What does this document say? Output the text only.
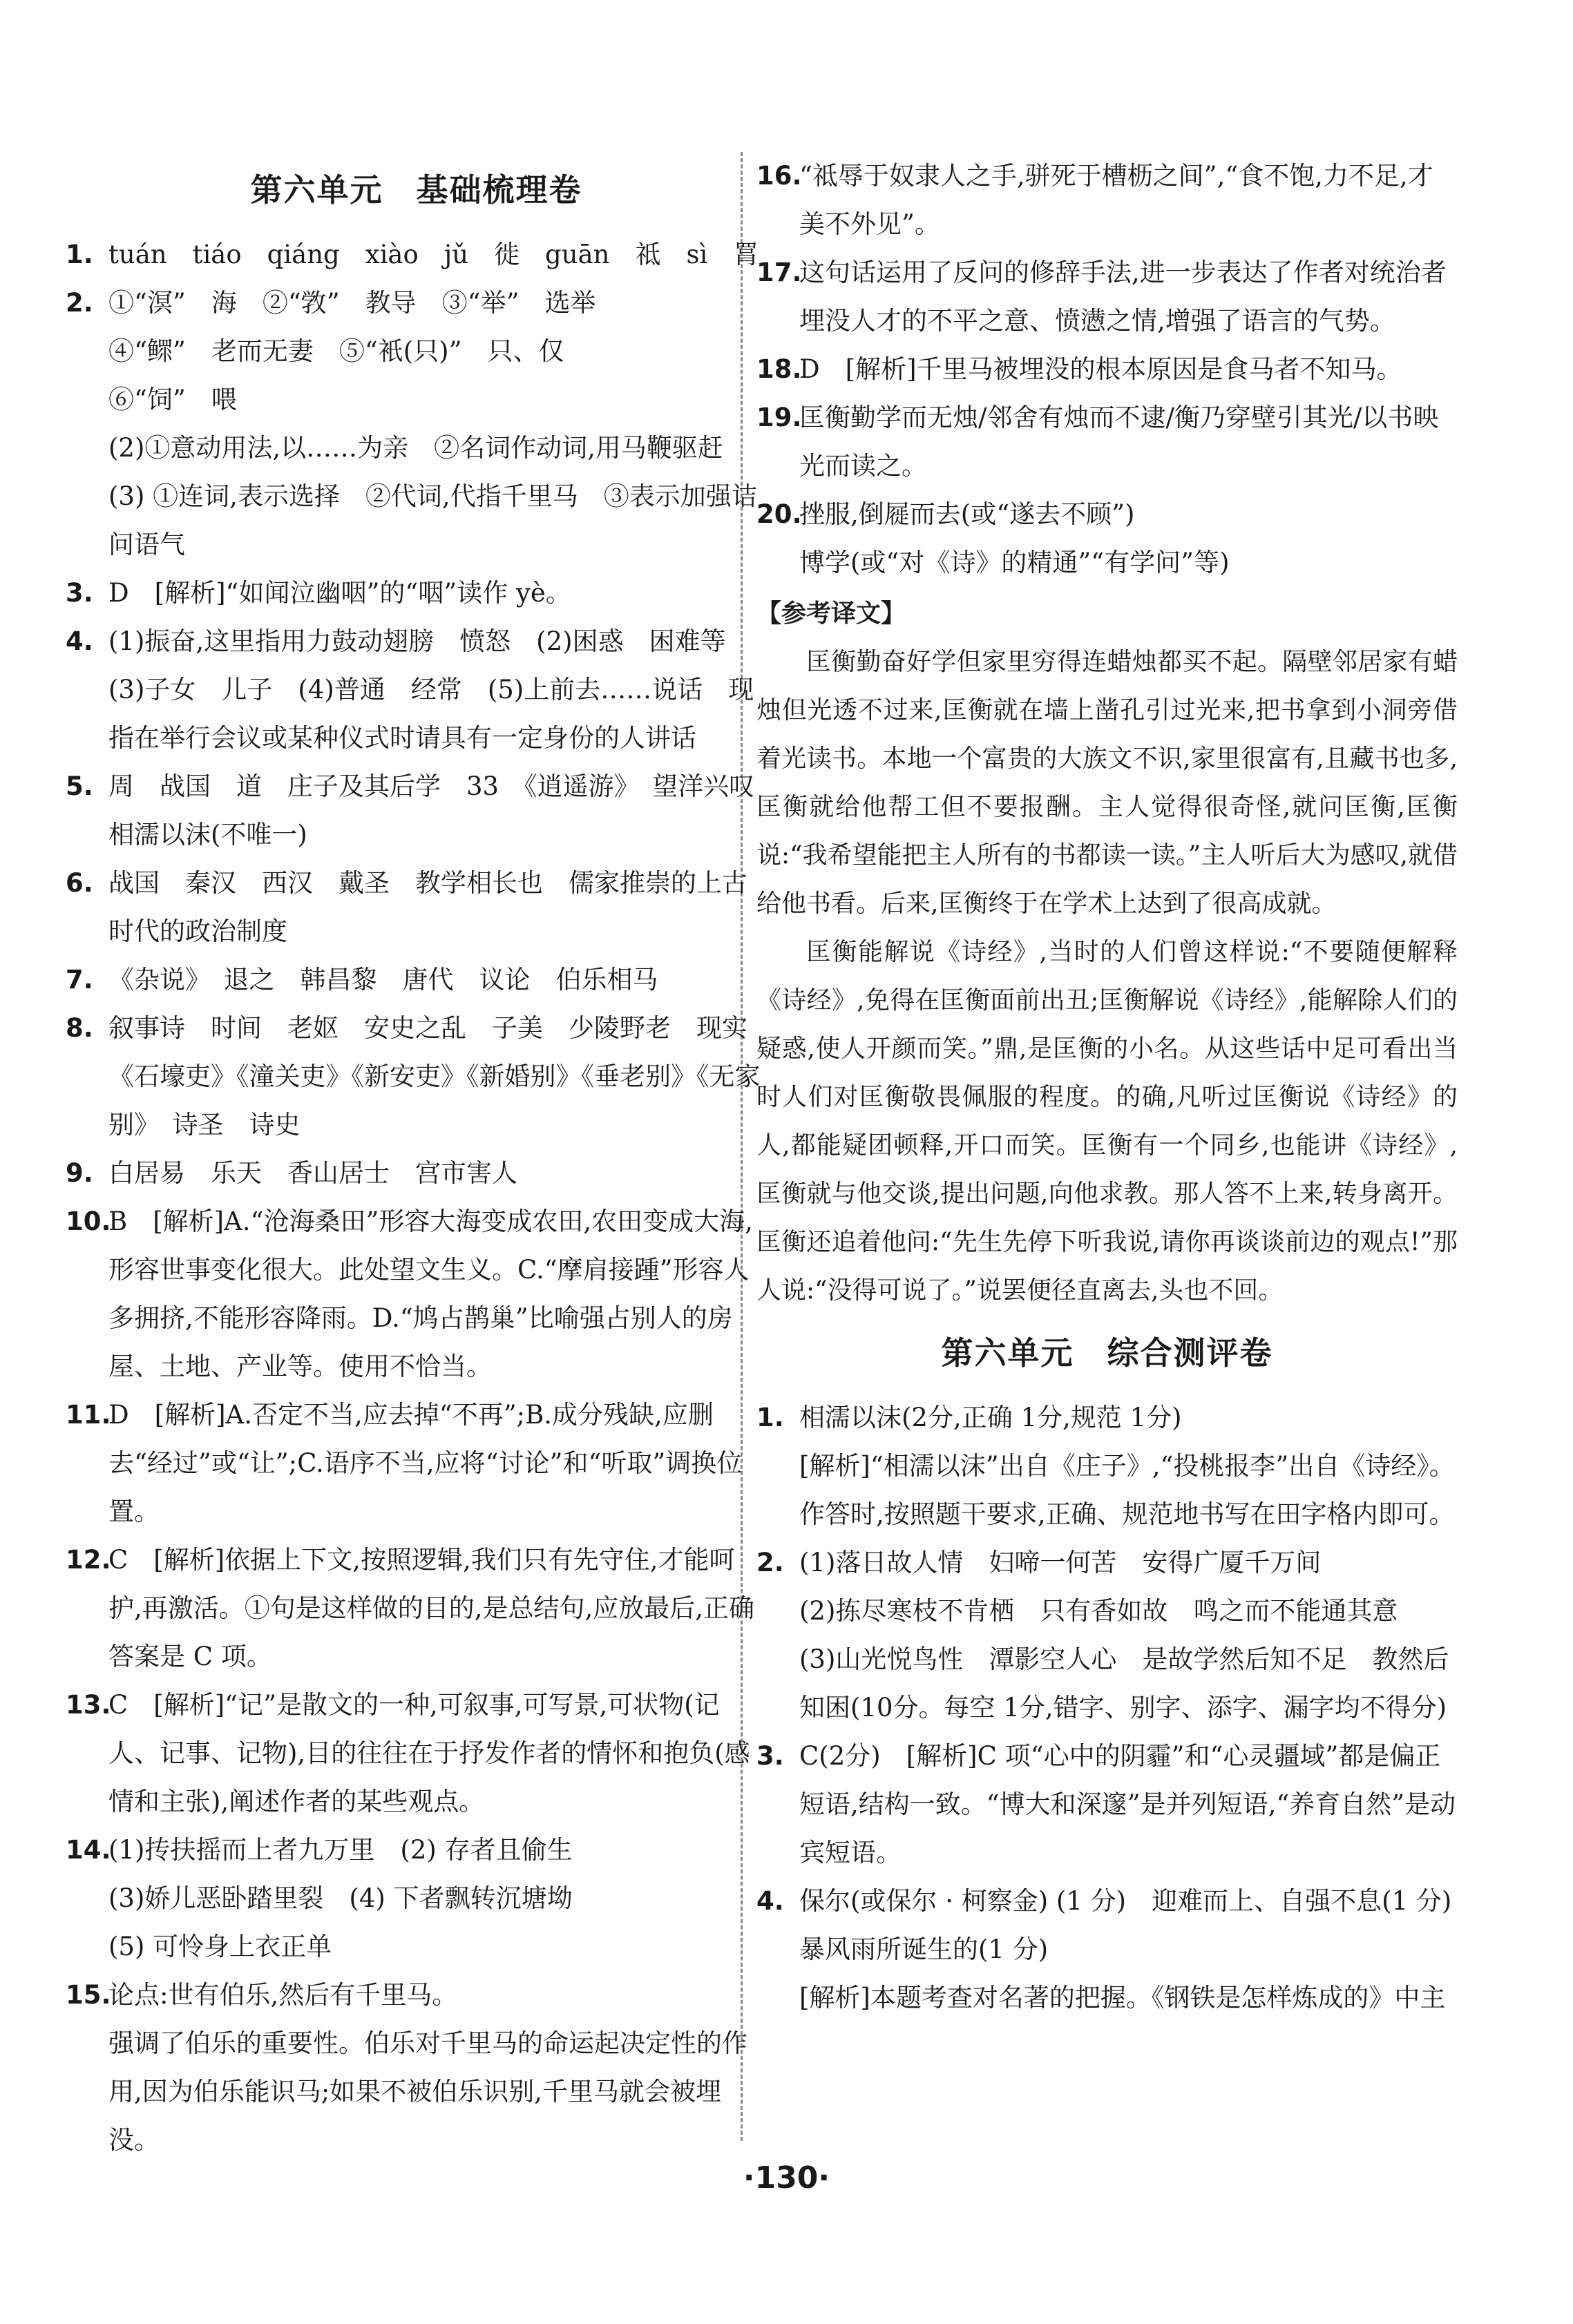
第六单元　基础梳理卷
1. tuán　tiáo　qiáng　xiào　jǔ　徙　guān　祗　sì　罥
2. ①“溟”　海　②“敩”　教导　③“举”　选举
④“鳏”　老而无妻　⑤“衹(只)”　只、仅
⑥“饲”　喂
(2)①意动用法,以……为亲　②名词作动词,用马鞭驱赶
(3) ①连词,表示选择　②代词,代指千里马　③表示加强诘问语气
3. D　[解析]“如闻泣幽咽”的“咽”读作 yè。
4. (1)振奋,这里指用力鼓动翅膀　愤怒　(2)困惑　困难等
(3)子女　儿子　(4)普通　经常　(5)上前去……说话　现指在举行会议或某种仪式时请具有一定身份的人讲话
5. 周　战国　道　庄子及其后学　33　《逍遥游》　望洋兴叹　相濡以沫(不唯一)
6. 战国　秦汉　西汉　戴圣　教学相长也　儒家推崇的上古时代的政治制度
7. 《杂说》　退之　韩昌黎　唐代　议论　伯乐相马
8. 叙事诗　时间　老妪　安史之乱　子美　少陵野老　现实　《石壕吏》《潼关吏》《新安吏》《新婚别》《垂老别》《无家别》　诗圣　诗史
9. 白居易　乐天　香山居士　宫市害人
10.
B　[解析]A.“沧海桑田”形容大海变成农田,农田变成大海,形容世事变化很大。此处望文生义。C.“摩肩接踵”形容人多拥挤,不能形容降雨。D.“鸠占鹊巢”比喻强占别人的房屋、土地、产业等。使用不恰当。
11.
D　[解析]A.否定不当,应去掉“不再”;B.成分残缺,应删去“经过”或“让”;C.语序不当,应将“讨论”和“听取”调换位置。
12.
C　[解析]依据上下文,按照逻辑,我们只有先守住,才能呵护,再激活。①句是这样做的目的,是总结句,应放最后,正确答案是 C 项。
13.
C　[解析]“记”是散文的一种,可叙事,可写景,可状物(记人、记事、记物),目的往往在于抒发作者的情怀和抱负(感情和主张),阐述作者的某些观点。
14.
(1)抟扶摇而上者九万里　(2) 存者且偷生
(3)娇儿恶卧踏里裂　(4) 下者飘转沉塘坳
(5) 可怜身上衣正单
15.
论点:世有伯乐,然后有千里马。
强调了伯乐的重要性。伯乐对千里马的命运起决定性的作用,因为伯乐能识马;如果不被伯乐识别,千里马就会被埋没。
16.
“祗辱于奴隶人之手,骈死于槽枥之间”,“食不饱,力不足,才美不外见”。
17.
这句话运用了反问的修辞手法,进一步表达了作者对统治者埋没人才的不平之意、愤懑之情,增强了语言的气势。
18.
D　[解析]千里马被埋没的根本原因是食马者不知马。
19.
匡衡勤学而无烛/邻舍有烛而不逮/衡乃穿壁引其光/以书映光而读之。
20.
挫服,倒屣而去(或“遂去不顾”)
博学(或“对《诗》的精通”“有学问”等)
【参考译文】
匡衡勤奋好学但家里穷得连蜡烛都买不起。隔壁邻居家有蜡烛但光透不过来,匡衡就在墙上凿孔引过光来,把书拿到小洞旁借着光读书。本地一个富贵的大族文不识,家里很富有,且藏书也多,匡衡就给他帮工但不要报酬。主人觉得很奇怪,就问匡衡,匡衡说:“我希望能把主人所有的书都读一读。”主人听后大为感叹,就借给他书看。后来,匡衡终于在学术上达到了很高成就。
匡衡能解说《诗经》,当时的人们曾这样说:“不要随便解释《诗经》,免得在匡衡面前出丑;匡衡解说《诗经》,能解除人们的疑惑,使人开颜而笑。”鼎,是匡衡的小名。从这些话中足可看出当时人们对匡衡敬畏佩服的程度。的确,凡听过匡衡说《诗经》的人,都能疑团顿释,开口而笑。匡衡有一个同乡,也能讲《诗经》,匡衡就与他交谈,提出问题,向他求教。那人答不上来,转身离开。匡衡还追着他问:“先生先停下听我说,请你再谈谈前边的观点!”那人说:“没得可说了。”说罢便径直离去,头也不回。
第六单元　综合测评卷
1. 相濡以沫(2分,正确 1分,规范 1分)
[解析]“相濡以沫”出自《庄子》,“投桃报李”出自《诗经》。作答时,按照题干要求,正确、规范地书写在田字格内即可。
2. (1)落日故人情　妇啼一何苦　安得广厦千万间
(2)拣尽寒枝不肯栖　只有香如故　鸣之而不能通其意
(3)山光悦鸟性　潭影空人心　是故学然后知不足　教然后知困(10分。每空 1分,错字、别字、添字、漏字均不得分)
3. C(2分)　[解析]C 项“心中的阴霾”和“心灵疆域”都是偏正短语,结构一致。“博大和深邃”是并列短语,“养育自然”是动宾短语。
4. 保尔(或保尔 · 柯察金) (1 分)　迎难而上、自强不息(1 分)　暴风雨所诞生的(1 分)
[解析]本题考查对名著的把握。《钢铁是怎样炼成的》中主
·130·
